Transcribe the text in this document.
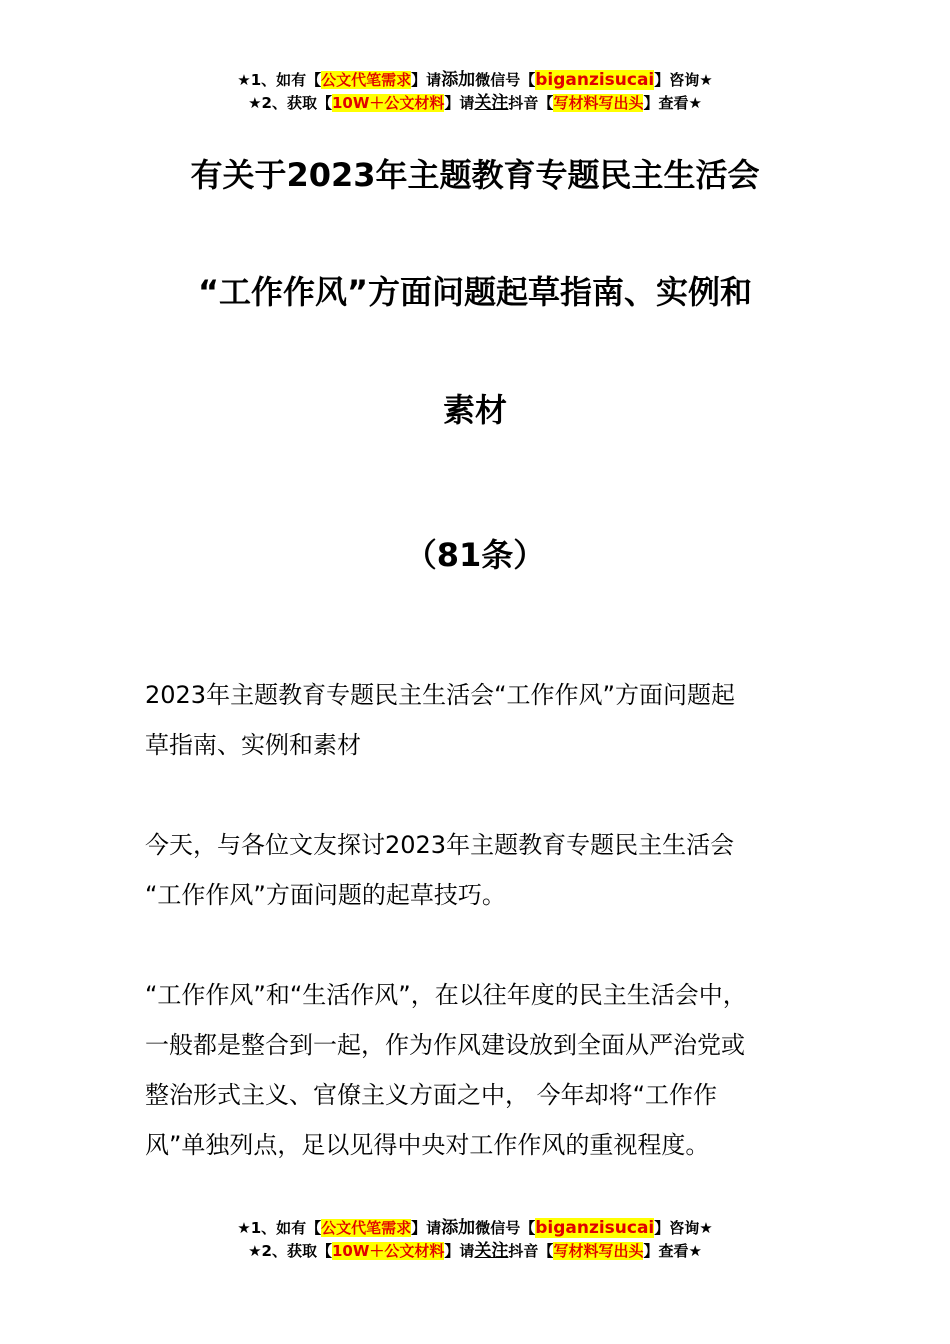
★1、如有【公文代笔需求】请添加微信号【biganzisucai】咨询★
★2、获取【10W＋公文材料】请关注抖音【写材料写出头】查看★
有关于2023年主题教育专题民主生活会
“工作作风”方面问题起草指南、实例和
素材
（81条）
2023年主题教育专题民主生活会“工作作风”方面问题起
草指南、实例和素材
今天，与各位文友探讨2023年主题教育专题民主生活会
“工作作风”方面问题的起草技巧。
“工作作风”和“生活作风”，在以往年度的民主生活会中，
一般都是整合到一起，作为作风建设放到全面从严治党或
整治形式主义、官僚主义方面之中， 今年却将“工作作
风”单独列点，足以见得中央对工作作风的重视程度。
★1、如有【公文代笔需求】请添加微信号【biganzisucai】咨询★
★2、获取【10W＋公文材料】请关注抖音【写材料写出头】查看★
